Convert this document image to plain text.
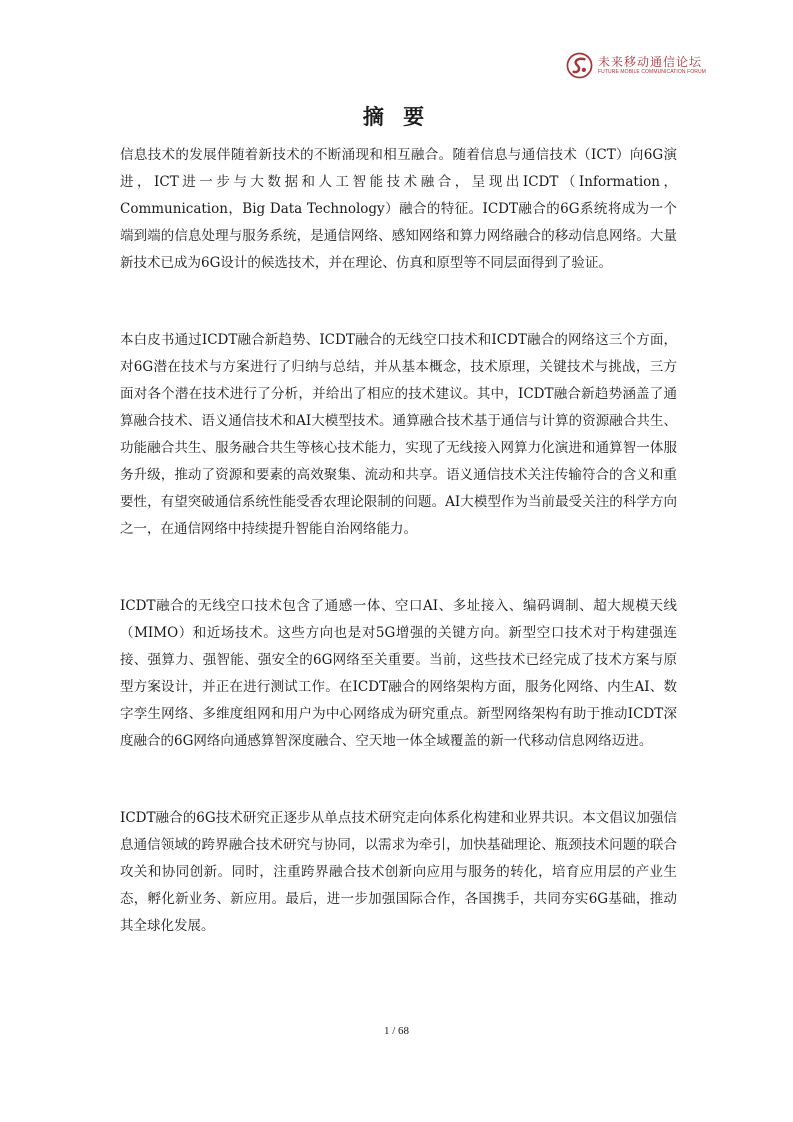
未来移动通信论坛
FUTURE MOBILE COMMUNICATION FORUM
摘 要

信息技术的发展伴随着新技术的不断涌现和相互融合。随着信息与通信技术（ICT）向6G演进，ICT进一步与大数据和人工智能技术融合，呈现出ICDT（Information，Communication，Big Data Technology）融合的特征。ICDT融合的6G系统将成为一个端到端的信息处理与服务系统，是通信网络、感知网络和算力网络融合的移动信息网络。大量新技术已成为6G设计的候选技术，并在理论、仿真和原型等不同层面得到了验证。

本白皮书通过ICDT融合新趋势、ICDT融合的无线空口技术和ICDT融合的网络这三个方面，对6G潜在技术与方案进行了归纳与总结，并从基本概念，技术原理，关键技术与挑战，三方面对各个潜在技术进行了分析，并给出了相应的技术建议。其中，ICDT融合新趋势涵盖了通算融合技术、语义通信技术和AI大模型技术。通算融合技术基于通信与计算的资源融合共生、功能融合共生、服务融合共生等核心技术能力，实现了无线接入网算力化演进和通算智一体服务升级，推动了资源和要素的高效聚集、流动和共享。语义通信技术关注传输符合的含义和重要性，有望突破通信系统性能受香农理论限制的问题。AI大模型作为当前最受关注的科学方向之一，在通信网络中持续提升智能自治网络能力。

ICDT融合的无线空口技术包含了通感一体、空口AI、多址接入、编码调制、超大规模天线（MIMO）和近场技术。这些方向也是对5G增强的关键方向。新型空口技术对于构建强连接、强算力、强智能、强安全的6G网络至关重要。当前，这些技术已经完成了技术方案与原型方案设计，并正在进行测试工作。在ICDT融合的网络架构方面，服务化网络、内生AI、数字孪生网络、多维度组网和用户为中心网络成为研究重点。新型网络架构有助于推动ICDT深度融合的6G网络向通感算智深度融合、空天地一体全域覆盖的新一代移动信息网络迈进。

ICDT融合的6G技术研究正逐步从单点技术研究走向体系化构建和业界共识。本文倡议加强信息通信领域的跨界融合技术研究与协同，以需求为牵引，加快基础理论、瓶颈技术问题的联合攻关和协同创新。同时，注重跨界融合技术创新向应用与服务的转化，培育应用层的产业生态，孵化新业务、新应用。最后，进一步加强国际合作，各国携手，共同夯实6G基础，推动其全球化发展。

1 / 68
